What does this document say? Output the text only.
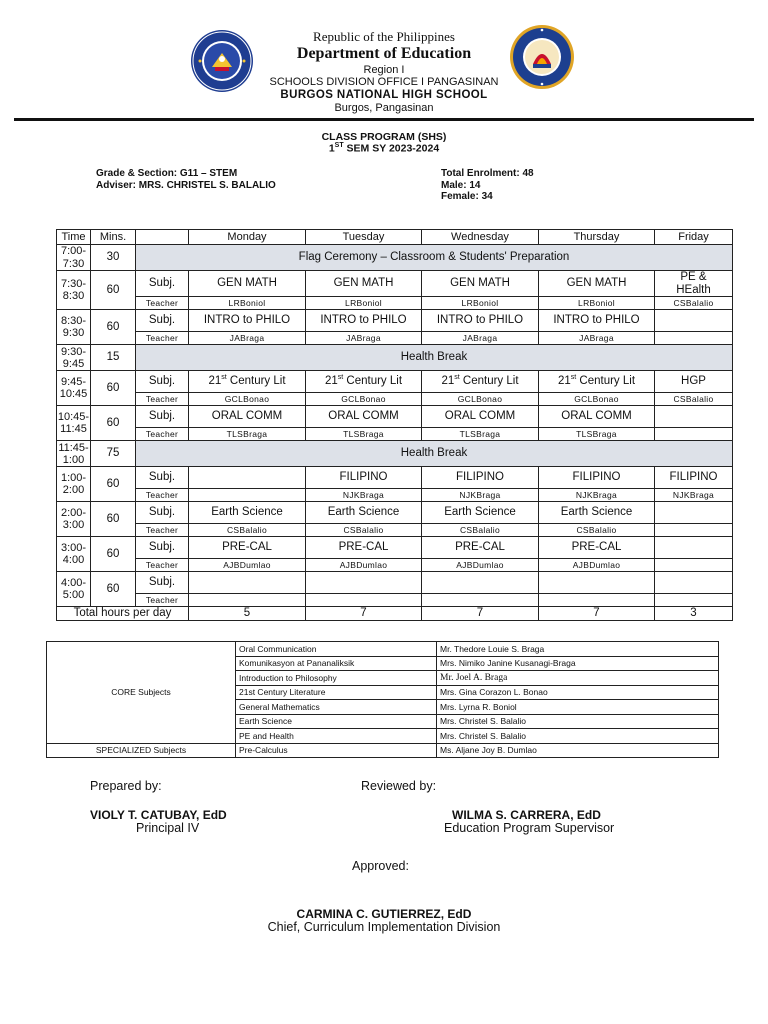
Republic of the Philippines
Department of Education
Region I
SCHOOLS DIVISION OFFICE I PANGASINAN
BURGOS NATIONAL HIGH SCHOOL
Burgos, Pangasinan
CLASS PROGRAM (SHS)
1ST SEM SY 2023-2024
Grade & Section: G11 – STEM
Adviser: MRS. CHRISTEL S. BALALIO
Total Enrolment: 48
Male: 14
Female: 34
Time	Mins.		Monday	Tuesday	Wednesday	Thursday	Friday
7:00-
7:30	30	Flag Ceremony – Classroom & Students' Preparation					
7:30-
8:30	60	Subj.	GEN MATH	GEN MATH	GEN MATH	GEN MATH	PE &
HEalth
		Teacher	LRBoniol	LRBoniol	LRBoniol	LRBoniol	CSBalalio
8:30-
9:30	60	Subj.	INTRO to PHILO	INTRO to PHILO	INTRO to PHILO	INTRO to PHILO	
		Teacher	JABraga	JABraga	JABraga	JABraga	
9:30-
9:45	15	Health Break					
9:45-
10:45	60	Subj.	21st Century Lit	21st Century Lit	21st Century Lit	21st Century Lit	HGP
		Teacher	GCLBonao	GCLBonao	GCLBonao	GCLBonao	CSBalalio
10:45-
11:45	60	Subj.	ORAL COMM	ORAL COMM	ORAL COMM	ORAL COMM	
		Teacher	TLSBraga	TLSBraga	TLSBraga	TLSBraga	
11:45-
1:00	75	Health Break					
1:00-
2:00	60	Subj.		FILIPINO	FILIPINO	FILIPINO	FILIPINO
		Teacher		NJKBraga	NJKBraga	NJKBraga	NJKBraga
2:00-
3:00	60	Subj.	Earth Science	Earth Science	Earth Science	Earth Science	
		Teacher	CSBalalio	CSBalalio	CSBalalio	CSBalalio	
3:00-
4:00	60	Subj.	PRE-CAL	PRE-CAL	PRE-CAL	PRE-CAL	
		Teacher	AJBDumlao	AJBDumlao	AJBDumlao	AJBDumlao	
4:00-
5:00	60	Subj.					
		Teacher					
Total hours per day			5	7	7	7	3
CORE Subjects	Oral Communication	Mr. Thedore Louie S. Braga
	Komunikasyon at Pananaliksik	Mrs. Nimiko Janine Kusanagi-Braga
	Introduction to Philosophy	Mr. Joel A. Braga
	21st Century Literature	Mrs. Gina Corazon L. Bonao
	General Mathematics	Mrs. Lyrna R. Boniol
	Earth Science	Mrs. Christel S. Balalio
	PE and Health	Mrs. Christel S. Balalio
SPECIALIZED Subjects	Pre-Calculus	Ms. Aljane Joy B. Dumlao
Prepared by:	Reviewed by:
VIOLY T. CATUBAY, EdD
Principal IV
WILMA S. CARRERA, EdD
Education Program Supervisor
Approved:
CARMINA C. GUTIERREZ, EdD
Chief, Curriculum Implementation Division
